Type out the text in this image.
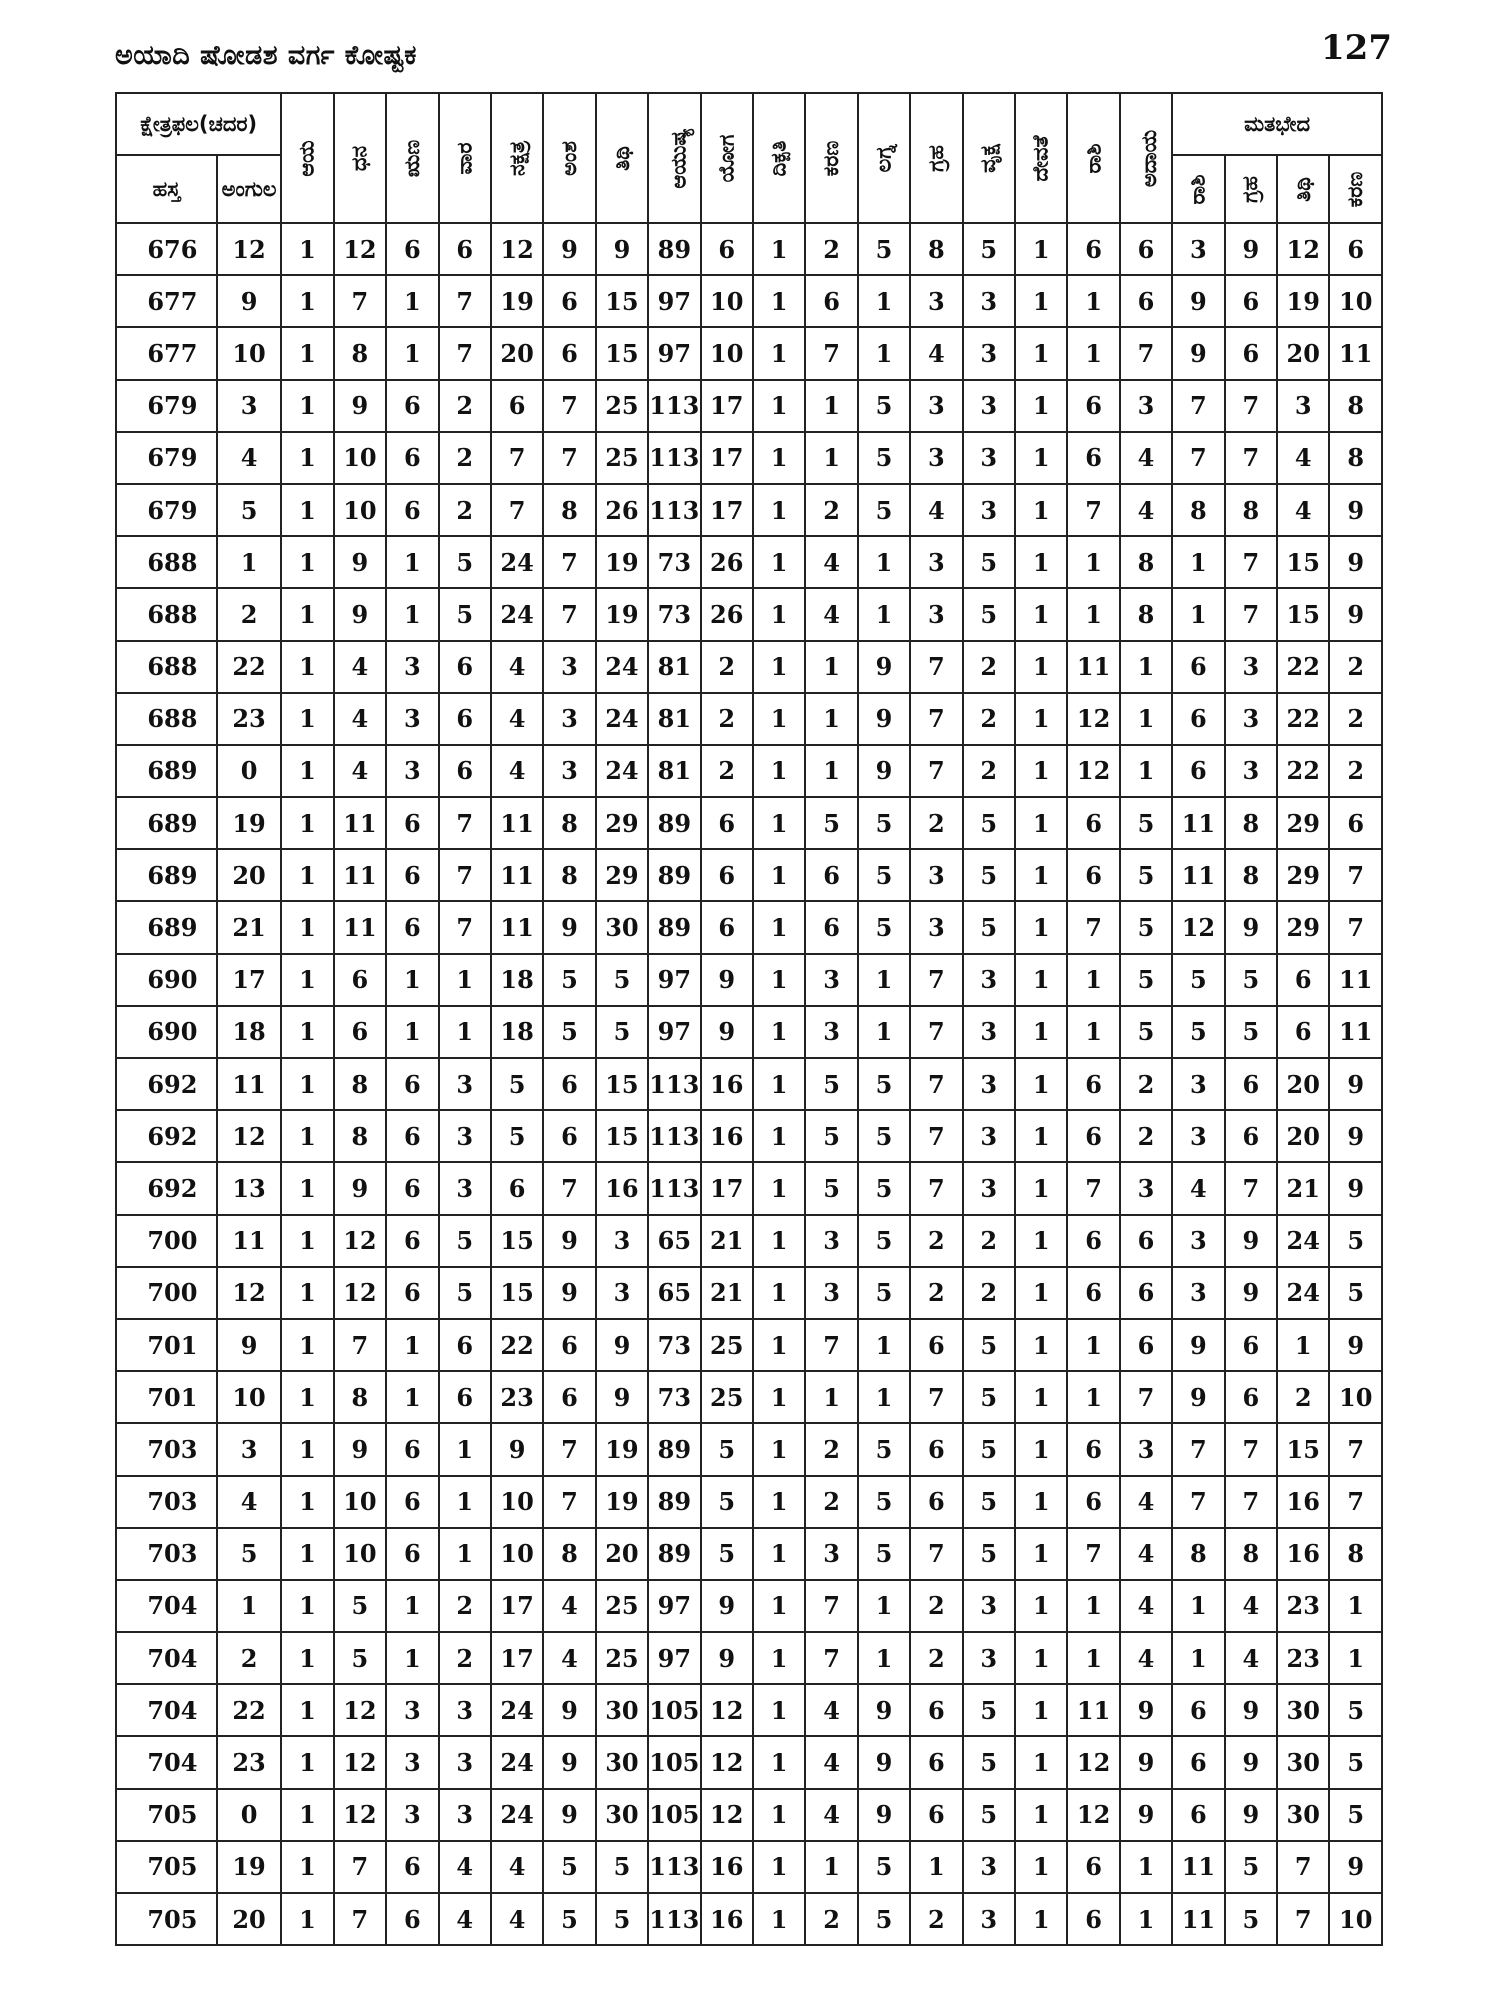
ಅಯಾದಿ ಷೋಡಶ ವರ್ಗ ಕೋಷ್ಟಕ	127
ಕ್ಷೇತ್ರಫಲ(ಚದರ)		ಆಯ	ಧನ	ಋಣ	ವಾರ	ನಕ್ಷತ್ರ	ಅಂಶ	ತಿಥಿ	ಆಯುಷ್ಯ	ಯೋಗ	ದಿಕ್ಪತಿ	ಕರಣ	ಲಗ್ನ	ಗ್ರಹ	ವೃಕ್ಷ	ದೇವತೆ	ರಾಶಿ	ಅದಾಯ	ಮತಭೇದ			
ಹಸ್ತ	ಅಂಗುಲ																		ರಾಶಿ	ಗ್ರಹ	ತಿಥಿ	ಕರಣ
676	12	1	12	6	6	12	9	9	89	6	1	2	5	8	5	1	6	6	3	9	12	6
677	9	1	7	1	7	19	6	15	97	10	1	6	1	3	3	1	1	6	9	6	19	10
677	10	1	8	1	7	20	6	15	97	10	1	7	1	4	3	1	1	7	9	6	20	11
679	3	1	9	6	2	6	7	25	113	17	1	1	5	3	3	1	6	3	7	7	3	8
679	4	1	10	6	2	7	7	25	113	17	1	1	5	3	3	1	6	4	7	7	4	8
679	5	1	10	6	2	7	8	26	113	17	1	2	5	4	3	1	7	4	8	8	4	9
688	1	1	9	1	5	24	7	19	73	26	1	4	1	3	5	1	1	8	1	7	15	9
688	2	1	9	1	5	24	7	19	73	26	1	4	1	3	5	1	1	8	1	7	15	9
688	22	1	4	3	6	4	3	24	81	2	1	1	9	7	2	1	11	1	6	3	22	2
688	23	1	4	3	6	4	3	24	81	2	1	1	9	7	2	1	12	1	6	3	22	2
689	0	1	4	3	6	4	3	24	81	2	1	1	9	7	2	1	12	1	6	3	22	2
689	19	1	11	6	7	11	8	29	89	6	1	5	5	2	5	1	6	5	11	8	29	6
689	20	1	11	6	7	11	8	29	89	6	1	6	5	3	5	1	6	5	11	8	29	7
689	21	1	11	6	7	11	9	30	89	6	1	6	5	3	5	1	7	5	12	9	29	7
690	17	1	6	1	1	18	5	5	97	9	1	3	1	7	3	1	1	5	5	5	6	11
690	18	1	6	1	1	18	5	5	97	9	1	3	1	7	3	1	1	5	5	5	6	11
692	11	1	8	6	3	5	6	15	113	16	1	5	5	7	3	1	6	2	3	6	20	9
692	12	1	8	6	3	5	6	15	113	16	1	5	5	7	3	1	6	2	3	6	20	9
692	13	1	9	6	3	6	7	16	113	17	1	5	5	7	3	1	7	3	4	7	21	9
700	11	1	12	6	5	15	9	3	65	21	1	3	5	2	2	1	6	6	3	9	24	5
700	12	1	12	6	5	15	9	3	65	21	1	3	5	2	2	1	6	6	3	9	24	5
701	9	1	7	1	6	22	6	9	73	25	1	7	1	6	5	1	1	6	9	6	1	9
701	10	1	8	1	6	23	6	9	73	25	1	1	1	7	5	1	1	7	9	6	2	10
703	3	1	9	6	1	9	7	19	89	5	1	2	5	6	5	1	6	3	7	7	15	7
703	4	1	10	6	1	10	7	19	89	5	1	2	5	6	5	1	6	4	7	7	16	7
703	5	1	10	6	1	10	8	20	89	5	1	3	5	7	5	1	7	4	8	8	16	8
704	1	1	5	1	2	17	4	25	97	9	1	7	1	2	3	1	1	4	1	4	23	1
704	2	1	5	1	2	17	4	25	97	9	1	7	1	2	3	1	1	4	1	4	23	1
704	22	1	12	3	3	24	9	30	105	12	1	4	9	6	5	1	11	9	6	9	30	5
704	23	1	12	3	3	24	9	30	105	12	1	4	9	6	5	1	12	9	6	9	30	5
705	0	1	12	3	3	24	9	30	105	12	1	4	9	6	5	1	12	9	6	9	30	5
705	19	1	7	6	4	4	5	5	113	16	1	1	5	1	3	1	6	1	11	5	7	9
705	20	1	7	6	4	4	5	5	113	16	1	2	5	2	3	1	6	1	11	5	7	10
